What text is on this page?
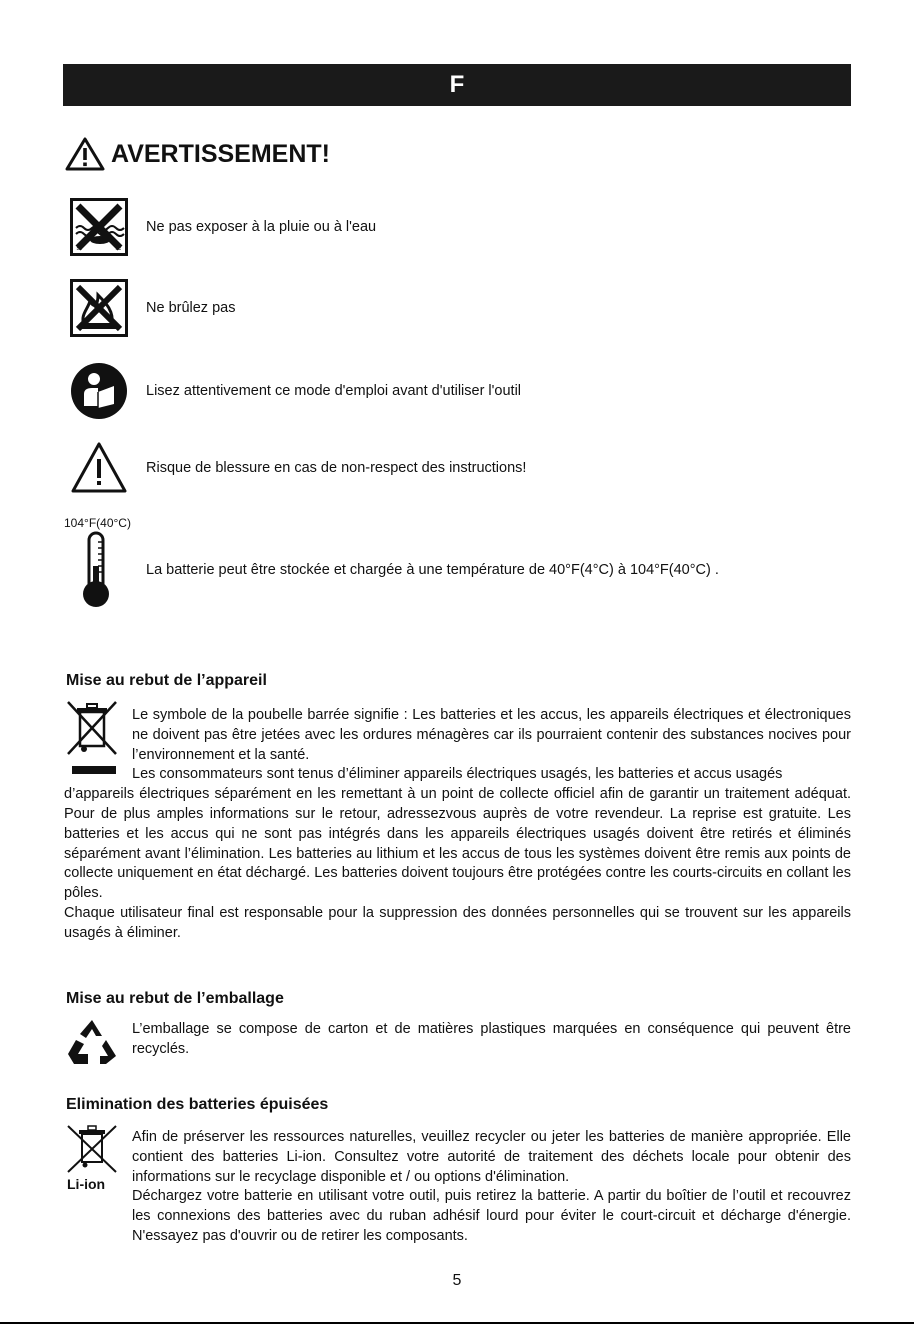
F
AVERTISSEMENT!
≈	≈
Ne pas exposer à la pluie ou à l'eau
Ne brûlez pas
Lisez attentivement ce mode d'emploi avant d'utiliser l'outil
Risque de blessure en cas de non-respect des instructions!
104°F(40°C)
La batterie peut être stockée et chargée à une température de 40°F(4°C) à 104°F(40°C) .
Mise au rebut de l’appareil

Le symbole de la poubelle barrée signifie : Les batteries et les accus, les appareils électriques et électroniques ne doivent pas être jetées avec les ordures ménagères car ils pourraient contenir des substances nocives pour l’environnement et la santé.

Les consommateurs sont tenus d’éliminer appareils électriques usagés, les batteries et accus usagés

d’appareils électriques séparément en les remettant à un point de collecte officiel afin de garantir un traitement adéquat. Pour de plus amples informations sur le retour, adressezvous auprès de votre revendeur. La reprise est gratuite. Les batteries et les accus qui ne sont pas intégrés dans les appareils électriques usagés doivent être retirés et éliminés séparément avant l’élimination. Les batteries au lithium et les accus de tous les systèmes doivent être remis aux points de collecte uniquement en état déchargé. Les batteries doivent toujours être protégées contre les courts-circuits en collant les pôles.

Chaque utilisateur final est responsable pour la suppression des données personnelles qui se trouvent sur les appareils usagés à éliminer.

Mise au rebut de l’emballage

L’emballage se compose de carton et de matières plastiques marquées en conséquence qui peuvent être recyclés.

Elimination des batteries épuisées
Li-ion

Afin de préserver les ressources naturelles, veuillez recycler ou jeter les batteries de manière appropriée. Elle contient des batteries Li-ion. Consultez votre autorité de traitement des déchets locale pour obtenir des informations sur le recyclage disponible et / ou options d'élimination.

Déchargez votre batterie en utilisant votre outil, puis retirez la batterie. A partir du boîtier de l’outil et recouvrez les connexions des batteries avec du ruban adhésif lourd pour éviter le court-circuit et décharge d'énergie. N'essayez pas d'ouvrir ou de retirer les composants.

5
